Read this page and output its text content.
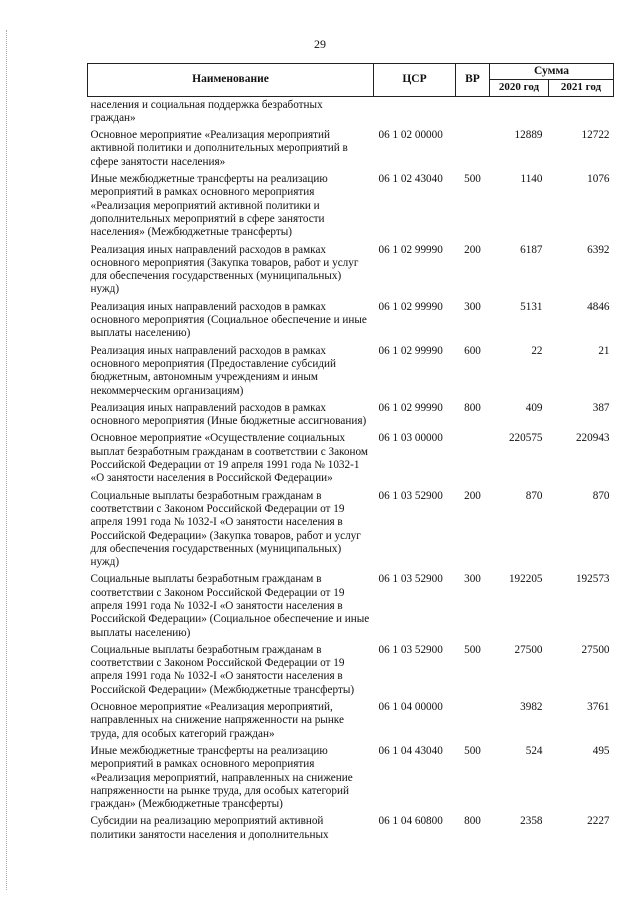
29
Наименование	ЦСР	ВР	Сумма	
			2020 год	2021 год
населения и социальная поддержка безработных граждан»				
Основное мероприятие «Реализация мероприятий активной политики и дополнительных мероприятий в сфере занятости населения»	06 1 02 00000		12889	12722
Иные межбюджетные трансферты на реализацию мероприятий в рамках основного мероприятия «Реализация мероприятий активной политики и дополнительных мероприятий в сфере занятости населения» (Межбюджетные трансферты)	06 1 02 43040	500	1140	1076
Реализация иных направлений расходов в рамках основного мероприятия (Закупка товаров, работ и услуг для обеспечения государственных (муниципальных) нужд)	06 1 02 99990	200	6187	6392
Реализация иных направлений расходов в рамках основного мероприятия (Социальное обеспечение и иные выплаты населению)	06 1 02 99990	300	5131	4846
Реализация иных направлений расходов в рамках основного мероприятия (Предоставление субсидий бюджетным, автономным учреждениям и иным некоммерческим организациям)	06 1 02 99990	600	22	21
Реализация иных направлений расходов в рамках основного мероприятия (Иные бюджетные ассигнования)	06 1 02 99990	800	409	387
Основное мероприятие «Осуществление социальных выплат безработным гражданам в соответствии с Законом Российской Федерации от 19 апреля 1991 года № 1032-1 «О занятости населения в Российской Федерации»	06 1 03 00000		220575	220943
Социальные выплаты безработным гражданам в соответствии с Законом Российской Федерации от 19 апреля 1991 года № 1032-I «О занятости населения в Российской Федерации» (Закупка товаров, работ и услуг для обеспечения государственных (муниципальных) нужд)	06 1 03 52900	200	870	870
Социальные выплаты безработным гражданам в соответствии с Законом Российской Федерации от 19 апреля 1991 года № 1032-I «О занятости населения в Российской Федерации» (Социальное обеспечение и иные выплаты населению)	06 1 03 52900	300	192205	192573
Социальные выплаты безработным гражданам в соответствии с Законом Российской Федерации от 19 апреля 1991 года № 1032-I «О занятости населения в Российской Федерации» (Межбюджетные трансферты)	06 1 03 52900	500	27500	27500
Основное мероприятие «Реализация мероприятий, направленных на снижение напряженности на рынке труда, для особых категорий граждан»	06 1 04 00000		3982	3761
Иные межбюджетные трансферты на реализацию мероприятий в рамках основного мероприятия «Реализация мероприятий, направленных на снижение напряженности на рынке труда, для особых категорий граждан» (Межбюджетные трансферты)	06 1 04 43040	500	524	495
Субсидии на реализацию мероприятий активной политики занятости населения и дополнительных	06 1 04 60800	800	2358	2227
